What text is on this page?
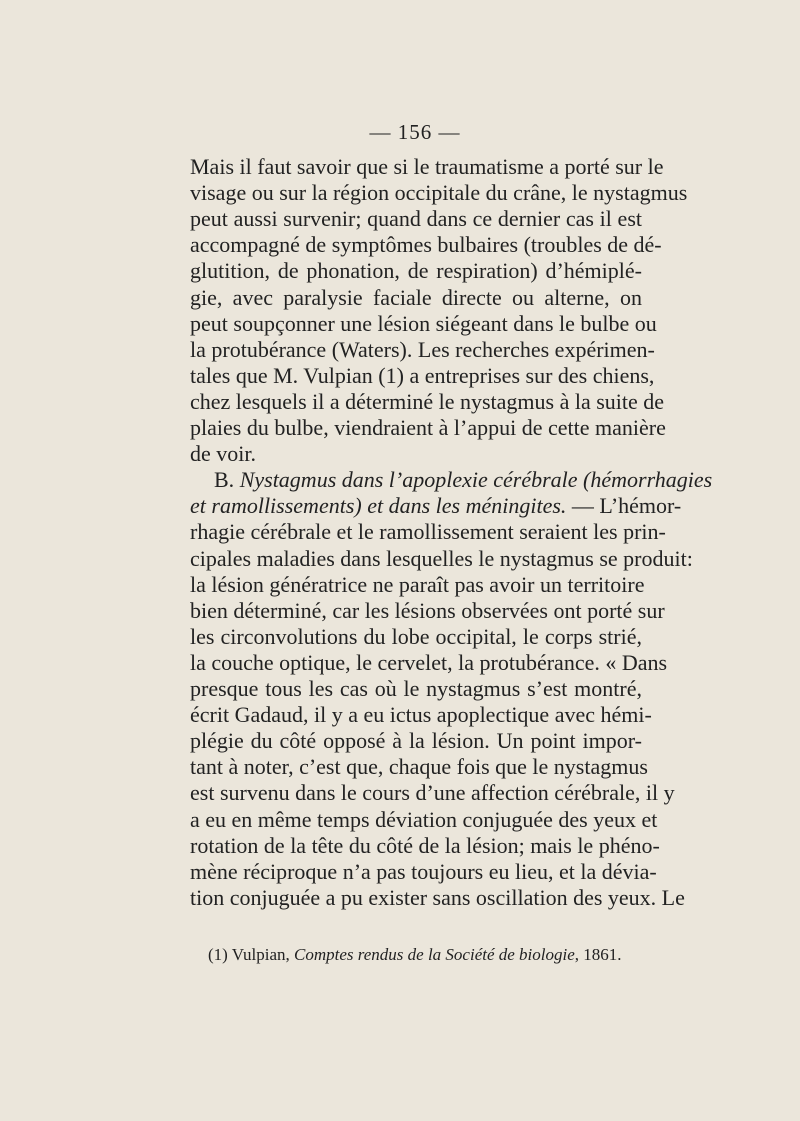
— 156 —
Mais il faut savoir que si le traumatisme a porté sur le
visage ou sur la région occipitale du crâne, le nystagmus
peut aussi survenir; quand dans ce dernier cas il est
accompagné de symptômes bulbaires (troubles de dé-
glutition, de phonation, de respiration) d’hémiplé-
gie, avec paralysie faciale directe ou alterne, on
peut soupçonner une lésion siégeant dans le bulbe ou
la protubérance (Waters). Les recherches expérimen-
tales que M. Vulpian (1) a entreprises sur des chiens,
chez lesquels il a déterminé le nystagmus à la suite de
plaies du bulbe, viendraient à l’appui de cette manière
de voir.
B. Nystagmus dans l’apoplexie cérébrale (hémorrhagies
et ramollissements) et dans les méningites. — L’hémor-
rhagie cérébrale et le ramollissement seraient les prin-
cipales maladies dans lesquelles le nystagmus se produit:
la lésion génératrice ne paraît pas avoir un territoire
bien déterminé, car les lésions observées ont porté sur
les circonvolutions du lobe occipital, le corps strié,
la couche optique, le cervelet, la protubérance. « Dans
presque tous les cas où le nystagmus s’est montré,
écrit Gadaud, il y a eu ictus apoplectique avec hémi-
plégie du côté opposé à la lésion. Un point impor-
tant à noter, c’est que, chaque fois que le nystagmus
est survenu dans le cours d’une affection cérébrale, il y
a eu en même temps déviation conjuguée des yeux et
rotation de la tête du côté de la lésion; mais le phéno-
mène réciproque n’a pas toujours eu lieu, et la dévia-
tion conjuguée a pu exister sans oscillation des yeux. Le
(1) Vulpian, Comptes rendus de la Société de biologie, 1861.
